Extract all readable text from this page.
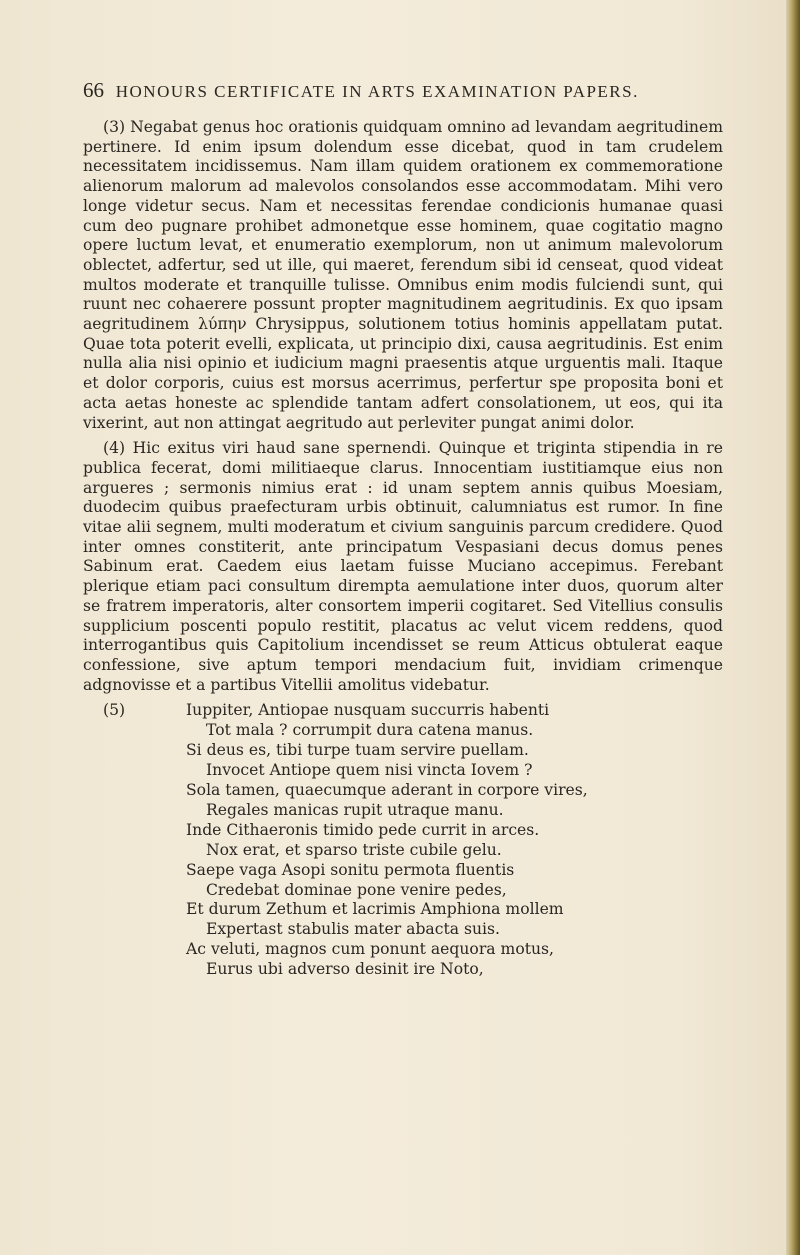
66 HONOURS CERTIFICATE IN ARTS EXAMINATION PAPERS.

(3) Negabat genus hoc orationis quidquam omnino ad levandam aegritudinem pertinere. Id enim ipsum dolendum esse dicebat, quod in tam crudelem necessitatem incidissemus. Nam illam quidem orationem ex commemoratione alienorum malorum ad malevolos consolandos esse accommodatam. Mihi vero longe videtur secus. Nam et necessitas ferendae condicionis humanae quasi cum deo pugnare prohibet admonetque esse hominem, quae cogitatio magno opere luctum levat, et enumeratio exemplorum, non ut animum malevolorum oblectet, adfertur, sed ut ille, qui maeret, ferendum sibi id censeat, quod videat multos moderate et tranquille tulisse. Omnibus enim modis fulciendi sunt, qui ruunt nec cohaerere possunt propter magnitudinem aegritudinis. Ex quo ipsam aegritudinem λύπην Chrysippus, solutionem totius hominis appellatam putat. Quae tota poterit evelli, explicata, ut principio dixi, causa aegritudinis. Est enim nulla alia nisi opinio et iudicium magni praesentis atque urguentis mali. Itaque et dolor corporis, cuius est morsus acerrimus, perfertur spe proposita boni et acta aetas honeste ac splendide tantam adfert consolationem, ut eos, qui ita vixerint, aut non attingat aegritudo aut perleviter pungat animi dolor.

(4) Hic exitus viri haud sane spernendi. Quinque et triginta stipendia in re publica fecerat, domi militiaeque clarus. Innocentiam iustitiamque eius non argueres ; sermonis nimius erat : id unam septem annis quibus Moesiam, duodecim quibus praefecturam urbis obtinuit, calumniatus est rumor. In fine vitae alii segnem, multi moderatum et civium sanguinis parcum credidere. Quod inter omnes constiterit, ante principatum Vespasiani decus domus penes Sabinum erat. Caedem eius laetam fuisse Muciano accepimus. Ferebant plerique etiam paci consultum dirempta aemulatione inter duos, quorum alter se fratrem imperatoris, alter consortem imperii cogitaret. Sed Vitellius consulis supplicium poscenti populo restitit, placatus ac velut vicem reddens, quod interrogantibus quis Capitolium incendisset se reum Atticus obtulerat eaque confessione, sive aptum tempori mendacium fuit, invidiam crimenque adgnovisse et a partibus Vitellii amolitus videbatur.

(5)	Iuppiter, Antiopae nusquam succurris habenti
Tot mala ? corrumpit dura catena manus.
Si deus es, tibi turpe tuam servire puellam.
Invocet Antiope quem nisi vincta Iovem ?
Sola tamen, quaecumque aderant in corpore vires,
Regales manicas rupit utraque manu.
Inde Cithaeronis timido pede currit in arces.
Nox erat, et sparso triste cubile gelu.
Saepe vaga Asopi sonitu permota fluentis
Credebat dominae pone venire pedes,
Et durum Zethum et lacrimis Amphiona mollem
Expertast stabulis mater abacta suis.
Ac veluti, magnos cum ponunt aequora motus,
Eurus ubi adverso desinit ire Noto,
